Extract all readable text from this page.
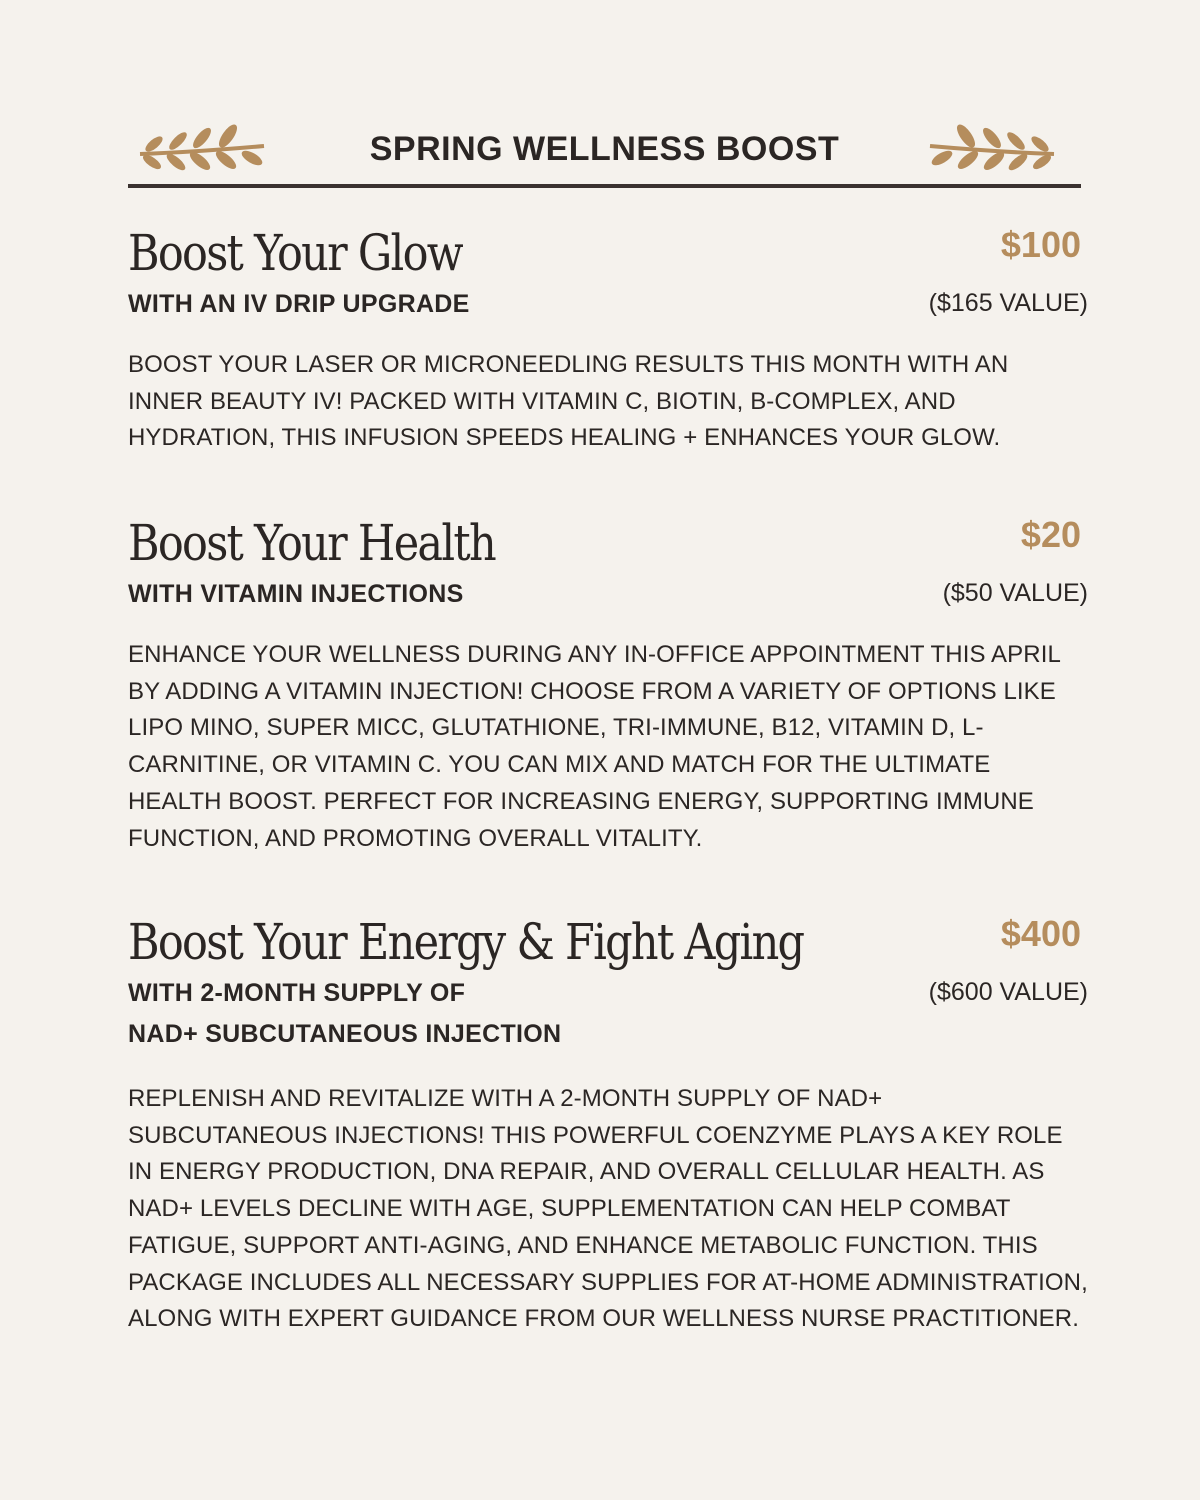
SPRING WELLNESS BOOST
Boost Your Glow	$100
WITH AN IV DRIP UPGRADE	($165 VALUE)
BOOST YOUR LASER OR MICRONEEDLING RESULTS THIS MONTH WITH AN INNER BEAUTY IV! PACKED WITH VITAMIN C, BIOTIN, B-COMPLEX, AND HYDRATION, THIS INFUSION SPEEDS HEALING + ENHANCES YOUR GLOW.
Boost Your Health	$20
WITH VITAMIN INJECTIONS	($50 VALUE)
ENHANCE YOUR WELLNESS DURING ANY IN-OFFICE APPOINTMENT THIS APRIL BY ADDING A VITAMIN INJECTION! CHOOSE FROM A VARIETY OF OPTIONS LIKE LIPO MINO, SUPER MICC, GLUTATHIONE, TRI-IMMUNE, B12, VITAMIN D, L-CARNITINE, OR VITAMIN C. YOU CAN MIX AND MATCH FOR THE ULTIMATE HEALTH BOOST. PERFECT FOR INCREASING ENERGY, SUPPORTING IMMUNE FUNCTION, AND PROMOTING OVERALL VITALITY.
Boost Your Energy & Fight Aging	$400
WITH 2-MONTH SUPPLY OF
NAD+ SUBCUTANEOUS INJECTION
($600 VALUE)
REPLENISH AND REVITALIZE WITH A 2-MONTH SUPPLY OF NAD+ SUBCUTANEOUS INJECTIONS! THIS POWERFUL COENZYME PLAYS A KEY ROLE IN ENERGY PRODUCTION, DNA REPAIR, AND OVERALL CELLULAR HEALTH. AS NAD+ LEVELS DECLINE WITH AGE, SUPPLEMENTATION CAN HELP COMBAT FATIGUE, SUPPORT ANTI-AGING, AND ENHANCE METABOLIC FUNCTION. THIS PACKAGE INCLUDES ALL NECESSARY SUPPLIES FOR AT-HOME ADMINISTRATION, ALONG WITH EXPERT GUIDANCE FROM OUR WELLNESS NURSE PRACTITIONER.
